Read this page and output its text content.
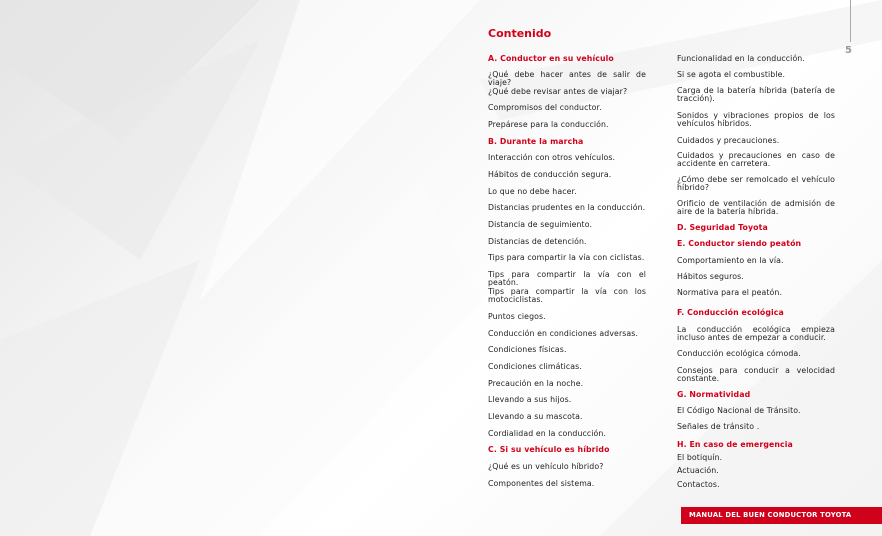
Contenido
5
A. Conductor en su vehículo
¿Qué debe hacer antes de salir de viaje?
¿Qué debe revisar antes de viajar?
Compromisos del conductor.
Prepárese para la conducción.
B. Durante la marcha
Interacción con otros vehículos.
Hábitos de conducción segura.
Lo que no debe hacer.
Distancias prudentes en la conducción.
Distancia de seguimiento.
Distancias de detención.
Tips para compartir la vía con ciclistas.
Tips para compartir la vía con el peatón.
Tips para compartir la vía con los motociclistas.
Puntos ciegos.
Conducción en condiciones adversas.
Condiciones físicas.
Condiciones climáticas.
Precaución en la noche.
Llevando a sus hijos.
Llevando a su mascota.
Cordialidad en la conducción.
C. Si su vehículo es híbrido
¿Qué es un vehículo híbrido?
Componentes del sistema.
Funcionalidad en la conducción.
Si se agota el combustible.
Carga de la batería híbrida (batería de tracción).
Sonidos y vibraciones propios de los vehículos híbridos.
Cuidados y precauciones.
Cuidados y precauciones en caso de accidente en carretera.
¿Cómo debe ser remolcado el vehículo híbrido?
Orificio de ventilación de admisión de aire de la batería híbrida.
D. Seguridad Toyota
E. Conductor siendo peatón
Comportamiento en la vía.
Hábitos seguros.
Normativa para el peatón.
F. Conducción ecológica
La conducción ecológica empieza incluso antes de empezar a conducir.
Conducción ecológica cómoda.
Consejos para conducir a velocidad constante.
G. Normatividad
El Código Nacional de Tránsito.
Señales de tránsito .
H. En caso de emergencia
El botiquín.
Actuación.
Contactos.
MANUAL DEL BUEN CONDUCTOR TOYOTA
